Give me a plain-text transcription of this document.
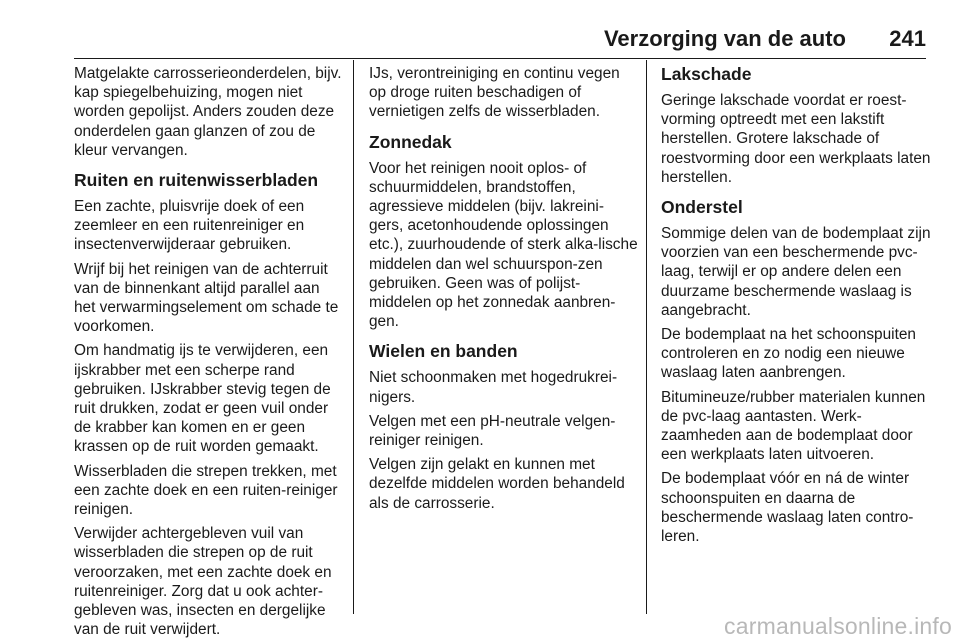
Verzorging van de auto 241

Matgelakte carrosserieonderdelen, bijv. kap spiegelbehuizing, mogen niet worden gepolijst. Anders zouden deze onderdelen gaan glanzen of zou de kleur vervangen.

Ruiten en ruitenwisserbladen

Een zachte, pluisvrije doek of een zeemleer en een ruitenreiniger en insectenverwijderaar gebruiken.

Wrijf bij het reinigen van de achterruit van de binnenkant altijd parallel aan het verwarmingselement om schade te voorkomen.

Om handmatig ijs te verwijderen, een ijskrabber met een scherpe rand gebruiken. IJskrabber stevig tegen de ruit drukken, zodat er geen vuil onder de krabber kan komen en er geen krassen op de ruit worden gemaakt.

Wisserbladen die strepen trekken, met een zachte doek en een ruiten-reiniger reinigen.

Verwijder achtergebleven vuil van wisserbladen die strepen op de ruit veroorzaken, met een zachte doek en ruitenreiniger. Zorg dat u ook achter-gebleven was, insecten en dergelijke van de ruit verwijdert.

IJs, verontreiniging en continu vegen op droge ruiten beschadigen of vernietigen zelfs de wisserbladen.

Zonnedak

Voor het reinigen nooit oplos- of schuurmiddelen, brandstoffen, agressieve middelen (bijv. lakreini-gers, acetonhoudende oplossingen etc.), zuurhoudende of sterk alka-lische middelen dan wel schuurspon-zen gebruiken. Geen was of polijst-middelen op het zonnedak aanbren-gen.

Wielen en banden

Niet schoonmaken met hogedrukrei-nigers.

Velgen met een pH-neutrale velgen-reiniger reinigen.

Velgen zijn gelakt en kunnen met dezelfde middelen worden behandeld als de carrosserie.

Lakschade

Geringe lakschade voordat er roest-vorming optreedt met een lakstift herstellen. Grotere lakschade of roestvorming door een werkplaats laten herstellen.

Onderstel

Sommige delen van de bodemplaat zijn voorzien van een beschermende pvc-laag, terwijl er op andere delen een duurzame beschermende waslaag is aangebracht.

De bodemplaat na het schoonspuiten controleren en zo nodig een nieuwe waslaag laten aanbrengen.

Bitumineuze/rubber materialen kunnen de pvc-laag aantasten. Werk-zaamheden aan de bodemplaat door een werkplaats laten uitvoeren.

De bodemplaat vóór en ná de winter schoonspuiten en daarna de beschermende waslaag laten contro-leren.

carmanualsonline.info
